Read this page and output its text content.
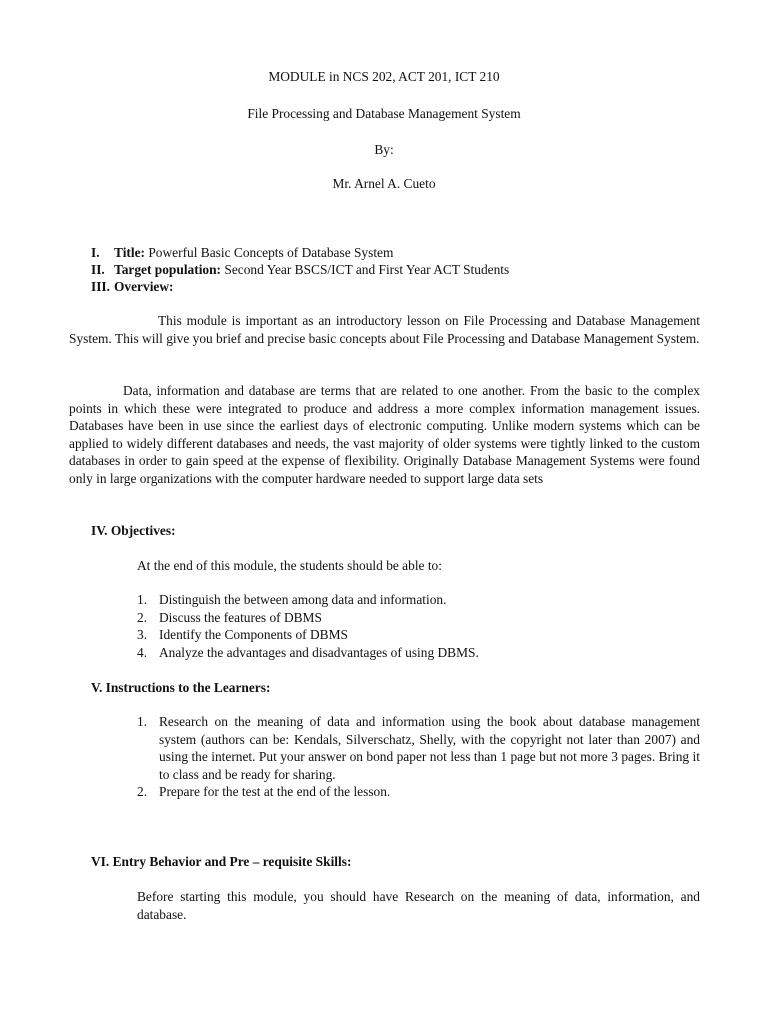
MODULE in NCS 202, ACT 201, ICT 210
File Processing and Database Management System
By:
Mr. Arnel A. Cueto
I. Title: Powerful Basic Concepts of Database System
II. Target population: Second Year BSCS/ICT and First Year ACT Students
III. Overview:
This module is important as an introductory lesson on File Processing and Database Management System. This will give you brief and precise basic concepts about File Processing and Database Management System.
Data, information and database are terms that are related to one another. From the basic to the complex points in which these were integrated to produce and address a more complex information management issues. Databases have been in use since the earliest days of electronic computing. Unlike modern systems which can be applied to widely different databases and needs, the vast majority of older systems were tightly linked to the custom databases in order to gain speed at the expense of flexibility. Originally Database Management Systems were found only in large organizations with the computer hardware needed to support large data sets
IV. Objectives:
At the end of this module, the students should be able to:
1. Distinguish the between among data and information.
2. Discuss the features of DBMS
3. Identify the Components of DBMS
4. Analyze the advantages and disadvantages of using DBMS.
V. Instructions to the Learners:
1. Research on the meaning of data and information using the book about database management system (authors can be: Kendals, Silverschatz, Shelly, with the copyright not later than 2007) and using the internet. Put your answer on bond paper not less than 1 page but not more 3 pages. Bring it to class and be ready for sharing.
2. Prepare for the test at the end of the lesson.
VI. Entry Behavior and Pre – requisite Skills:
Before starting this module, you should have Research on the meaning of data, information, and database.
